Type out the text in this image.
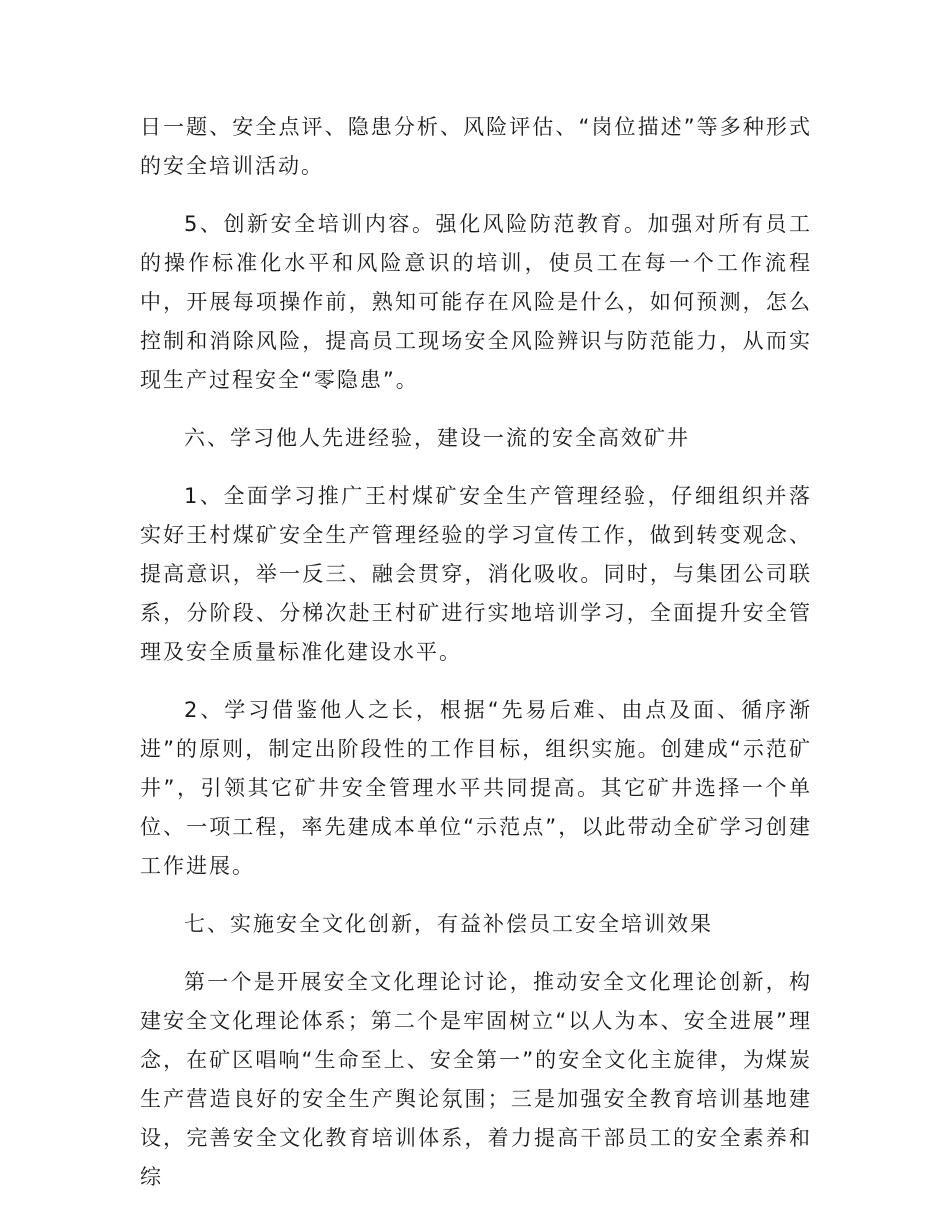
日一题、安全点评、隐患分析、风险评估、“岗位描述”等多种形式的安全培训活动。

5、创新安全培训内容。强化风险防范教育。加强对所有员工的操作标准化水平和风险意识的培训，使员工在每一个工作流程中，开展每项操作前，熟知可能存在风险是什么，如何预测，怎么控制和消除风险，提高员工现场安全风险辨识与防范能力，从而实现生产过程安全“零隐患”。

六、学习他人先进经验，建设一流的安全高效矿井

1、全面学习推广王村煤矿安全生产管理经验，仔细组织并落实好王村煤矿安全生产管理经验的学习宣传工作，做到转变观念、提高意识，举一反三、融会贯穿，消化吸收。同时，与集团公司联系，分阶段、分梯次赴王村矿进行实地培训学习，全面提升安全管理及安全质量标准化建设水平。

2、学习借鉴他人之长，根据“先易后难、由点及面、循序渐进”的原则，制定出阶段性的工作目标，组织实施。创建成“示范矿井”，引领其它矿井安全管理水平共同提高。其它矿井选择一个单位、一项工程，率先建成本单位“示范点”，以此带动全矿学习创建工作进展。

七、实施安全文化创新，有益补偿员工安全培训效果

第一个是开展安全文化理论讨论，推动安全文化理论创新，构建安全文化理论体系；第二个是牢固树立“以人为本、安全进展”理念，在矿区唱响“生命至上、安全第一”的安全文化主旋律，为煤炭生产营造良好的安全生产舆论氛围；三是加强安全教育培训基地建设，完善安全文化教育培训体系，着力提高干部员工的安全素养和综
